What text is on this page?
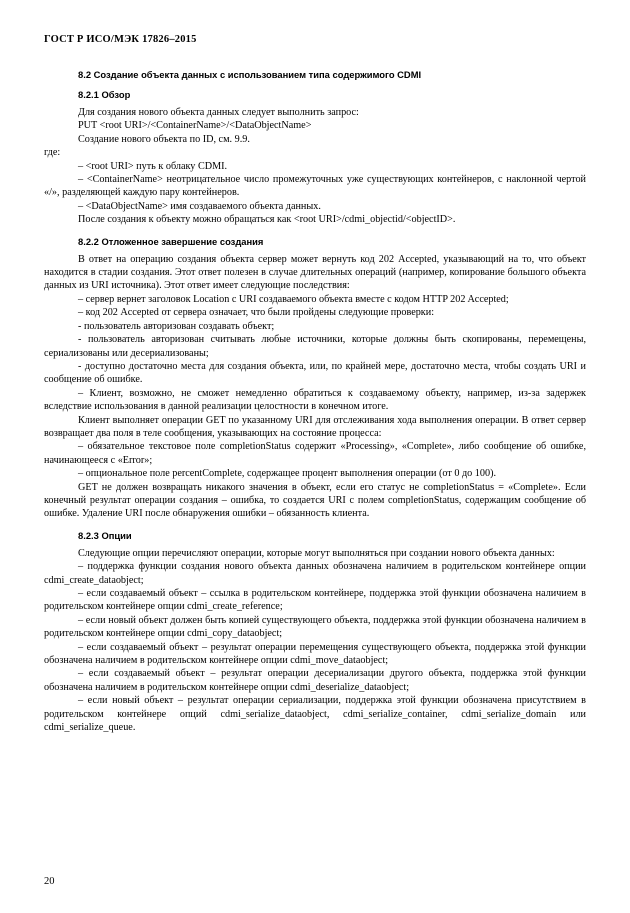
ГОСТ Р ИСО/МЭК 17826–2015
8.2 Создание объекта данных с использованием типа содержимого CDMI
8.2.1 Обзор

Для создания нового объекта данных следует выполнить запрос:

PUT <root URI>/<ContainerName>/<DataObjectName>

Создание нового объекта по ID, см. 9.9.

где:

– <root URI> путь к облаку CDMI.

– <ContainerName> неотрицательное число промежуточных уже существующих контейнеров, с наклонной чертой «/», разделяющей каждую пару контейнеров.

– <DataObjectName> имя создаваемого объекта данных.

После создания к объекту можно обращаться как <root URI>/cdmi_objectid/<objectID>.

8.2.2 Отложенное завершение создания

В ответ на операцию создания объекта сервер может вернуть код 202 Accepted, указывающий на то, что объект находится в стадии создания. Этот ответ полезен в случае длительных операций (например, копирование большого объекта данных из URI источника). Этот ответ имеет следующие последствия:

– сервер вернет заголовок Location с URI создаваемого объекта вместе с кодом HTTP 202 Accepted;

– код 202 Accepted от сервера означает, что были пройдены следующие проверки:

- пользователь авторизован создавать объект;

- пользователь авторизован считывать любые источники, которые должны быть скопированы, перемещены, сериализованы или десериализованы;

- доступно достаточно места для создания объекта, или, по крайней мере, достаточно места, чтобы создать URI и сообщение об ошибке.

– Клиент, возможно, не сможет немедленно обратиться к создаваемому объекту, например, из-за задержек вследствие использования в данной реализации целостности в конечном итоге.

Клиент выполняет операции GET по указанному URI для отслеживания хода выполнения операции. В ответ сервер возвращает два поля в теле сообщения, указывающих на состояние процесса:

– обязательное текстовое поле completionStatus содержит «Processing», «Complete», либо сообщение об ошибке, начинающееся с «Error»;

– опциональное поле percentComplete, содержащее процент выполнения операции (от 0 до 100).

GET не должен возвращать никакого значения в объект, если его статус не completionStatus = «Complete». Если конечный результат операции создания – ошибка, то создается URI с полем completionStatus, содержащим сообщение об ошибке. Удаление URI после обнаружения ошибки – обязанность клиента.

8.2.3 Опции

Следующие опции перечисляют операции, которые могут выполняться при создании нового объекта данных:

– поддержка функции создания нового объекта данных обозначена наличием в родительском контейнере опции cdmi_create_dataobject;

– если создаваемый объект – ссылка в родительском контейнере, поддержка этой функции обозначена наличием в родительском контейнере опции cdmi_create_reference;

– если новый объект должен быть копией существующего объекта, поддержка этой функции обозначена наличием в родительском контейнере опции cdmi_copy_dataobject;

– если создаваемый объект – результат операции перемещения существующего объекта, поддержка этой функции обозначена наличием в родительском контейнере опции cdmi_move_dataobject;

– если создаваемый объект – результат операции десериализации другого объекта, поддержка этой функции обозначена наличием в родительском контейнере опции cdmi_deserialize_dataobject;

– если новый объект – результат операции сериализации, поддержка этой функции обозначена присутствием в родительском контейнере опций cdmi_serialize_dataobject, cdmi_serialize_container, cdmi_serialize_domain или cdmi_serialize_queue.

20
